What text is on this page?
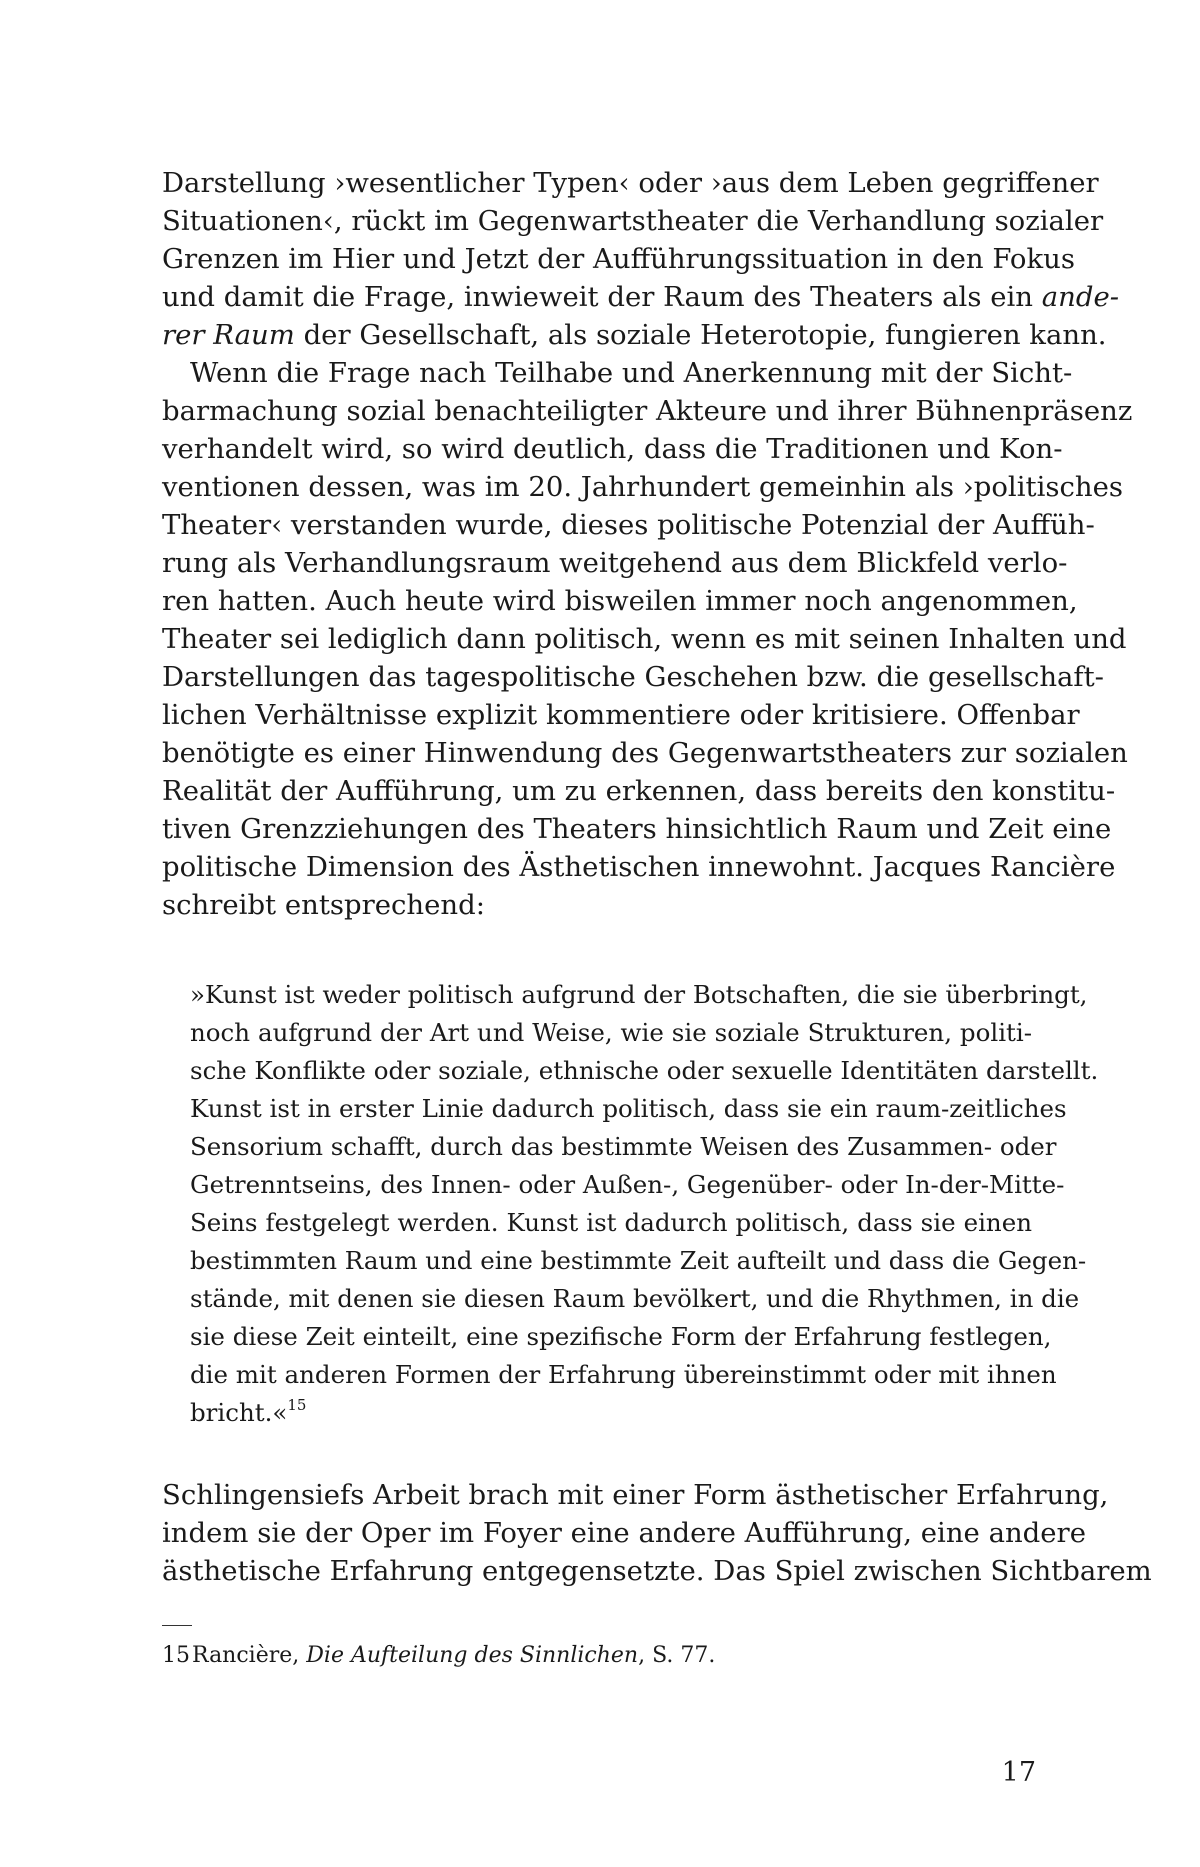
Darstellung ›wesentlicher Typen‹ oder ›aus dem Leben gegriffener
Situationen‹, rückt im Gegenwartstheater die Verhandlung sozialer
Grenzen im Hier und Jetzt der Aufführungssituation in den Fokus
und damit die Frage, inwieweit der Raum des Theaters als ein ande-
rer Raum der Gesellschaft, als soziale Heterotopie, fungieren kann.
Wenn die Frage nach Teilhabe und Anerkennung mit der Sicht-
barmachung sozial benachteiligter Akteure und ihrer Bühnenpräsenz
verhandelt wird, so wird deutlich, dass die Traditionen und Kon-
ventionen dessen, was im 20. Jahrhundert gemeinhin als ›politisches
Theater‹ verstanden wurde, dieses politische Potenzial der Auffüh-
rung als Verhandlungsraum weitgehend aus dem Blickfeld verlo-
ren hatten. Auch heute wird bisweilen immer noch angenommen,
Theater sei lediglich dann politisch, wenn es mit seinen Inhalten und
Darstellungen das tagespolitische Geschehen bzw. die gesellschaft-
lichen Verhältnisse explizit kommentiere oder kritisiere. Offenbar
benötigte es einer Hinwendung des Gegenwartstheaters zur sozialen
Realität der Aufführung, um zu erkennen, dass bereits den konstitu-
tiven Grenzziehungen des Theaters hinsichtlich Raum und Zeit eine
politische Dimension des Ästhetischen innewohnt. Jacques Rancière
schreibt entsprechend:
»Kunst ist weder politisch aufgrund der Botschaften, die sie überbringt,
noch aufgrund der Art und Weise, wie sie soziale Strukturen, politi-
sche Konflikte oder soziale, ethnische oder sexuelle Identitäten darstellt.
Kunst ist in erster Linie dadurch politisch, dass sie ein raum-zeitliches
Sensorium schafft, durch das bestimmte Weisen des Zusammen- oder
Getrenntseins, des Innen- oder Außen-, Gegenüber- oder In-der-Mitte-
Seins festgelegt werden. Kunst ist dadurch politisch, dass sie einen
bestimmten Raum und eine bestimmte Zeit aufteilt und dass die Gegen-
stände, mit denen sie diesen Raum bevölkert, und die Rhythmen, in die
sie diese Zeit einteilt, eine spezifische Form der Erfahrung festlegen,
die mit anderen Formen der Erfahrung übereinstimmt oder mit ihnen
bricht.«$^{15}$
Schlingensiefs Arbeit brach mit einer Form ästhetischer Erfahrung,
indem sie der Oper im Foyer eine andere Aufführung, eine andere
ästhetische Erfahrung entgegensetzte. Das Spiel zwischen Sichtbarem
15Rancière, Die Aufteilung des Sinnlichen, S. 77.
17
